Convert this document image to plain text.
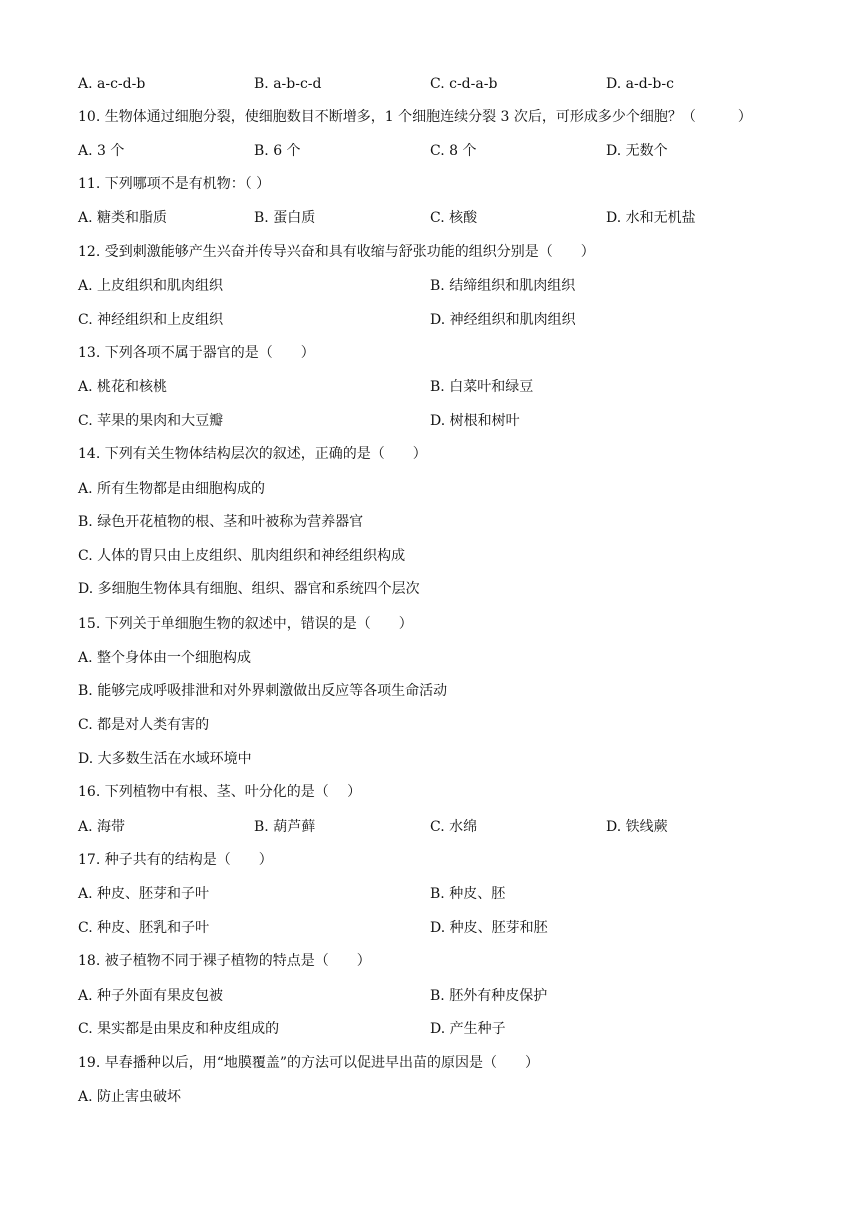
A. a-c-d-b	B. a-b-c-d	C. c-d-a-b	D. a-d-b-c
10. 生物体通过细胞分裂，使细胞数目不断增多，1 个细胞连续分裂 3 次后，可形成多少个细胞？（　　　）
A. 3 个	B. 6 个	C. 8 个	D. 无数个
11. 下列哪项不是有机物：（ ）
A. 糖类和脂质	B. 蛋白质	C. 核酸	D. 水和无机盐
12. 受到刺激能够产生兴奋并传导兴奋和具有收缩与舒张功能的组织分别是（　　）
A. 上皮组织和肌肉组织	B. 结缔组织和肌肉组织
C. 神经组织和上皮组织	D. 神经组织和肌肉组织
13. 下列各项不属于器官的是（　　）
A. 桃花和核桃	B. 白菜叶和绿豆
C. 苹果的果肉和大豆瓣	D. 树根和树叶
14. 下列有关生物体结构层次的叙述，正确的是（　　）
A. 所有生物都是由细胞构成的
B. 绿色开花植物的根、茎和叶被称为营养器官
C. 人体的胃只由上皮组织、肌肉组织和神经组织构成
D. 多细胞生物体具有细胞、组织、器官和系统四个层次
15. 下列关于单细胞生物的叙述中，错误的是（　　）
A. 整个身体由一个细胞构成
B. 能够完成呼吸排泄和对外界刺激做出反应等各项生命活动
C. 都是对人类有害的
D. 大多数生活在水域环境中
16. 下列植物中有根、茎、叶分化的是（　 ）
A. 海带	B. 葫芦藓	C. 水绵	D. 铁线蕨
17. 种子共有的结构是（　　）
A. 种皮、胚芽和子叶	B. 种皮、胚
C. 种皮、胚乳和子叶	D. 种皮、胚芽和胚
18. 被子植物不同于裸子植物的特点是（　　）
A. 种子外面有果皮包被	B. 胚外有种皮保护
C. 果实都是由果皮和种皮组成的	D. 产生种子
19. 早春播种以后，用“地膜覆盖”的方法可以促进早出苗的原因是（　　）
A. 防止害虫破坏
